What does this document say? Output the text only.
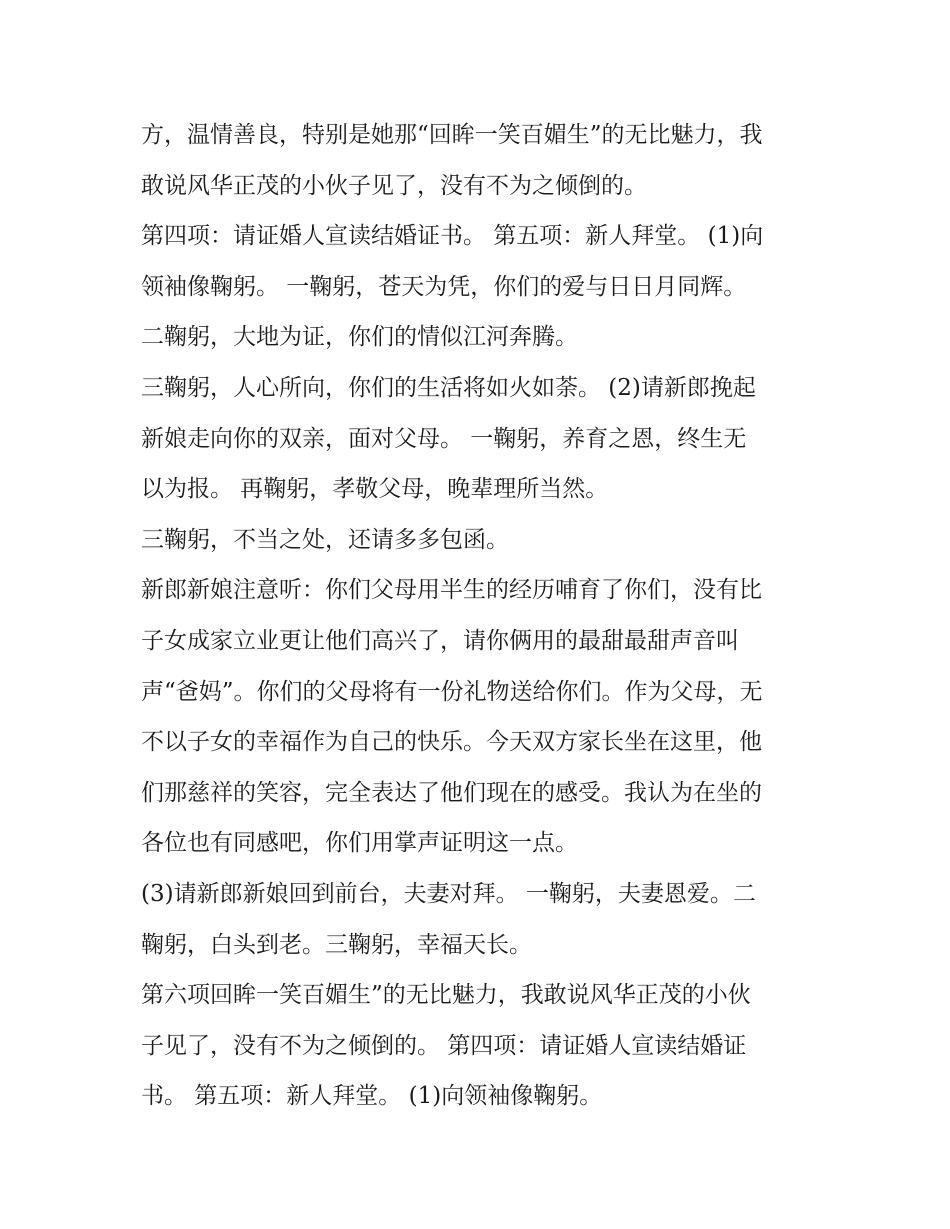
方，温情善良，特别是她那“回眸一笑百媚生”的无比魅力，我
敢说风华正茂的小伙子见了，没有不为之倾倒的。
第四项：请证婚人宣读结婚证书。 第五项：新人拜堂。 (1)向
领袖像鞠躬。 一鞠躬，苍天为凭，你们的爱与日日月同辉。
二鞠躬，大地为证，你们的情似江河奔腾。
三鞠躬，人心所向，你们的生活将如火如荼。 (2)请新郎挽起
新娘走向你的双亲，面对父母。 一鞠躬，养育之恩，终生无
以为报。 再鞠躬，孝敬父母，晚辈理所当然。
三鞠躬，不当之处，还请多多包函。
新郎新娘注意听：你们父母用半生的经历哺育了你们，没有比
子女成家立业更让他们高兴了，请你俩用的最甜最甜声音叫
声“爸妈”。你们的父母将有一份礼物送给你们。作为父母，无
不以子女的幸福作为自己的快乐。今天双方家长坐在这里，他
们那慈祥的笑容，完全表达了他们现在的感受。我认为在坐的
各位也有同感吧，你们用掌声证明这一点。
(3)请新郎新娘回到前台，夫妻对拜。 一鞠躬，夫妻恩爱。二
鞠躬，白头到老。三鞠躬，幸福天长。
第六项回眸一笑百媚生”的无比魅力，我敢说风华正茂的小伙
子见了，没有不为之倾倒的。 第四项：请证婚人宣读结婚证
书。 第五项：新人拜堂。 (1)向领袖像鞠躬。
